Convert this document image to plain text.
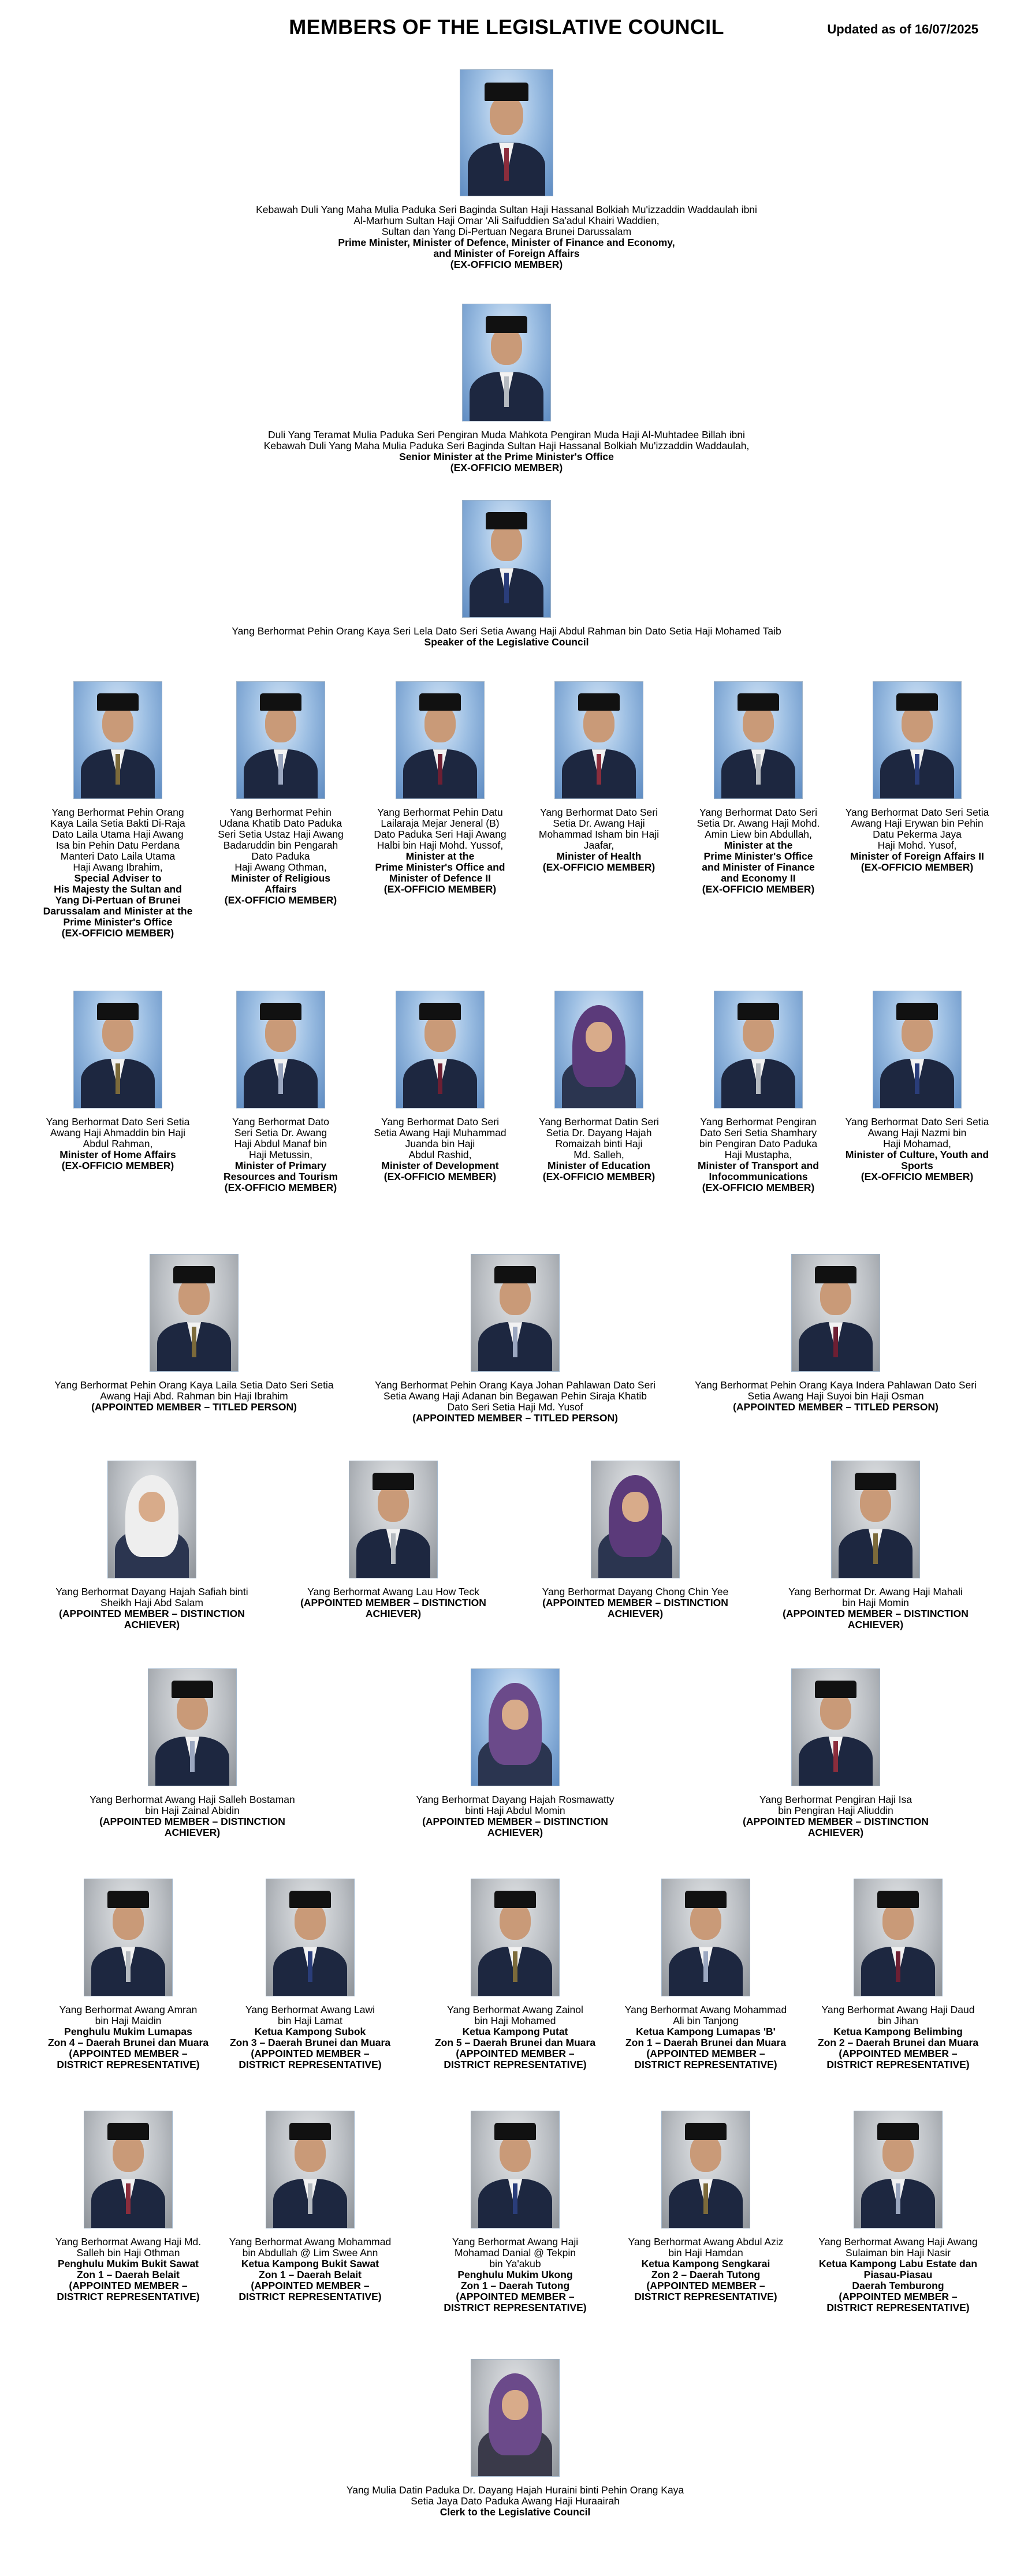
MEMBERS OF THE LEGISLATIVE COUNCIL	Updated as of 16/07/2025
Kebawah Duli Yang Maha Mulia Paduka Seri Baginda Sultan Haji Hassanal Bolkiah Mu'izzaddin Waddaulah ibni
Al-Marhum Sultan Haji Omar 'Ali Saifuddien Sa'adul Khairi Waddien,
Sultan dan Yang Di-Pertuan Negara Brunei Darussalam
Prime Minister, Minister of Defence, Minister of Finance and Economy,
and Minister of Foreign Affairs
(EX-OFFICIO MEMBER)
Duli Yang Teramat Mulia Paduka Seri Pengiran Muda Mahkota Pengiran Muda Haji Al-Muhtadee Billah ibni
Kebawah Duli Yang Maha Mulia Paduka Seri Baginda Sultan Haji Hassanal Bolkiah Mu'izzaddin Waddaulah,
Senior Minister at the Prime Minister's Office
(EX-OFFICIO MEMBER)
Yang Berhormat Pehin Orang Kaya Seri Lela Dato Seri Setia Awang Haji Abdul Rahman bin Dato Setia Haji Mohamed Taib
Speaker of the Legislative Council
Yang Berhormat Pehin Orang
Kaya Laila Setia Bakti Di-Raja
Dato Laila Utama Haji Awang
Isa bin Pehin Datu Perdana
Manteri Dato Laila Utama
Haji Awang Ibrahim,
Special Adviser to
His Majesty the Sultan and
Yang Di-Pertuan of Brunei
Darussalam and Minister at the
Prime Minister's Office
(EX-OFFICIO MEMBER)
Yang Berhormat Pehin
Udana Khatib Dato Paduka
Seri Setia Ustaz Haji Awang
Badaruddin bin Pengarah
Dato Paduka
Haji Awang Othman,
Minister of Religious
Affairs
(EX-OFFICIO MEMBER)
Yang Berhormat Pehin Datu
Lailaraja Mejar Jeneral (B)
Dato Paduka Seri Haji Awang
Halbi bin Haji Mohd. Yussof,
Minister at the
Prime Minister's Office and
Minister of Defence II
(EX-OFFICIO MEMBER)
Yang Berhormat Dato Seri
Setia Dr. Awang Haji
Mohammad Isham bin Haji
Jaafar,
Minister of Health
(EX-OFFICIO MEMBER)
Yang Berhormat Dato Seri
Setia Dr. Awang Haji Mohd.
Amin Liew bin Abdullah,
Minister at the
Prime Minister's Office
and Minister of Finance
and Economy II
(EX-OFFICIO MEMBER)
Yang Berhormat Dato Seri Setia
Awang Haji Erywan bin Pehin
Datu Pekerma Jaya
Haji Mohd. Yusof,
Minister of Foreign Affairs II
(EX-OFFICIO MEMBER)
Yang Berhormat Dato Seri Setia
Awang Haji Ahmaddin bin Haji
Abdul Rahman,
Minister of Home Affairs
(EX-OFFICIO MEMBER)
Yang Berhormat Dato
Seri Setia Dr. Awang
Haji Abdul Manaf bin
Haji Metussin,
Minister of Primary
Resources and Tourism
(EX-OFFICIO MEMBER)
Yang Berhormat Dato Seri
Setia Awang Haji Muhammad
Juanda bin Haji
Abdul Rashid,
Minister of Development
(EX-OFFICIO MEMBER)
Yang Berhormat Datin Seri
Setia Dr. Dayang Hajah
Romaizah binti Haji
Md. Salleh,
Minister of Education
(EX-OFFICIO MEMBER)
Yang Berhormat Pengiran
Dato Seri Setia Shamhary
bin Pengiran Dato Paduka
Haji Mustapha,
Minister of Transport and
Infocommunications
(EX-OFFICIO MEMBER)
Yang Berhormat Dato Seri Setia
Awang Haji Nazmi bin
Haji Mohamad,
Minister of Culture, Youth and
Sports
(EX-OFFICIO MEMBER)
Yang Berhormat Pehin Orang Kaya Laila Setia Dato Seri Setia
Awang Haji Abd. Rahman bin Haji Ibrahim
(APPOINTED MEMBER – TITLED PERSON)
Yang Berhormat Pehin Orang Kaya Johan Pahlawan Dato Seri
Setia Awang Haji Adanan bin Begawan Pehin Siraja Khatib
Dato Seri Setia Haji Md. Yusof
(APPOINTED MEMBER – TITLED PERSON)
Yang Berhormat Pehin Orang Kaya Indera Pahlawan Dato Seri
Setia Awang Haji Suyoi bin Haji Osman
(APPOINTED MEMBER – TITLED PERSON)
Yang Berhormat Dayang Hajah Safiah binti
Sheikh Haji Abd Salam
(APPOINTED MEMBER – DISTINCTION
ACHIEVER)
Yang Berhormat Awang Lau How Teck
(APPOINTED MEMBER – DISTINCTION
ACHIEVER)
Yang Berhormat Dayang Chong Chin Yee
(APPOINTED MEMBER – DISTINCTION
ACHIEVER)
Yang Berhormat Dr. Awang Haji Mahali
bin Haji Momin
(APPOINTED MEMBER – DISTINCTION
ACHIEVER)
Yang Berhormat Awang Haji Salleh Bostaman
bin Haji Zainal Abidin
(APPOINTED MEMBER – DISTINCTION
ACHIEVER)
Yang Berhormat Dayang Hajah Rosmawatty
binti Haji Abdul Momin
(APPOINTED MEMBER – DISTINCTION
ACHIEVER)
Yang Berhormat Pengiran Haji Isa
bin Pengiran Haji Aliuddin
(APPOINTED MEMBER – DISTINCTION
ACHIEVER)
Yang Berhormat Awang Amran
bin Haji Maidin
Penghulu Mukim Lumapas
Zon 4 – Daerah Brunei dan Muara
(APPOINTED MEMBER –
DISTRICT REPRESENTATIVE)
Yang Berhormat Awang Lawi
bin Haji Lamat
Ketua Kampong Subok
Zon 3 – Daerah Brunei dan Muara
(APPOINTED MEMBER –
DISTRICT REPRESENTATIVE)
Yang Berhormat Awang Zainol
bin Haji Mohamed
Ketua Kampong Putat
Zon 5 – Daerah Brunei dan Muara
(APPOINTED MEMBER –
DISTRICT REPRESENTATIVE)
Yang Berhormat Awang Mohammad
Ali bin Tanjong
Ketua Kampong Lumapas 'B'
Zon 1 – Daerah Brunei dan Muara
(APPOINTED MEMBER –
DISTRICT REPRESENTATIVE)
Yang Berhormat Awang Haji Daud
bin Jihan
Ketua Kampong Belimbing
Zon 2 – Daerah Brunei dan Muara
(APPOINTED MEMBER –
DISTRICT REPRESENTATIVE)
Yang Berhormat Awang Haji Md.
Salleh bin Haji Othman
Penghulu Mukim Bukit Sawat
Zon 1 – Daerah Belait
(APPOINTED MEMBER –
DISTRICT REPRESENTATIVE)
Yang Berhormat Awang Mohammad
bin Abdullah @ Lim Swee Ann
Ketua Kampong Bukit Sawat
Zon 1 – Daerah Belait
(APPOINTED MEMBER –
DISTRICT REPRESENTATIVE)
Yang Berhormat Awang Haji
Mohamad Danial @ Tekpin
bin Ya'akub
Penghulu Mukim Ukong
Zon 1 – Daerah Tutong
(APPOINTED MEMBER –
DISTRICT REPRESENTATIVE)
Yang Berhormat Awang Abdul Aziz
bin Haji Hamdan
Ketua Kampong Sengkarai
Zon 2 – Daerah Tutong
(APPOINTED MEMBER –
DISTRICT REPRESENTATIVE)
Yang Berhormat Awang Haji Awang
Sulaiman bin Haji Nasir
Ketua Kampong Labu Estate dan
Piasau-Piasau
Daerah Temburong
(APPOINTED MEMBER –
DISTRICT REPRESENTATIVE)
Yang Mulia Datin Paduka Dr. Dayang Hajah Huraini binti Pehin Orang Kaya
Setia Jaya Dato Paduka Awang Haji Huraairah
Clerk to the Legislative Council
